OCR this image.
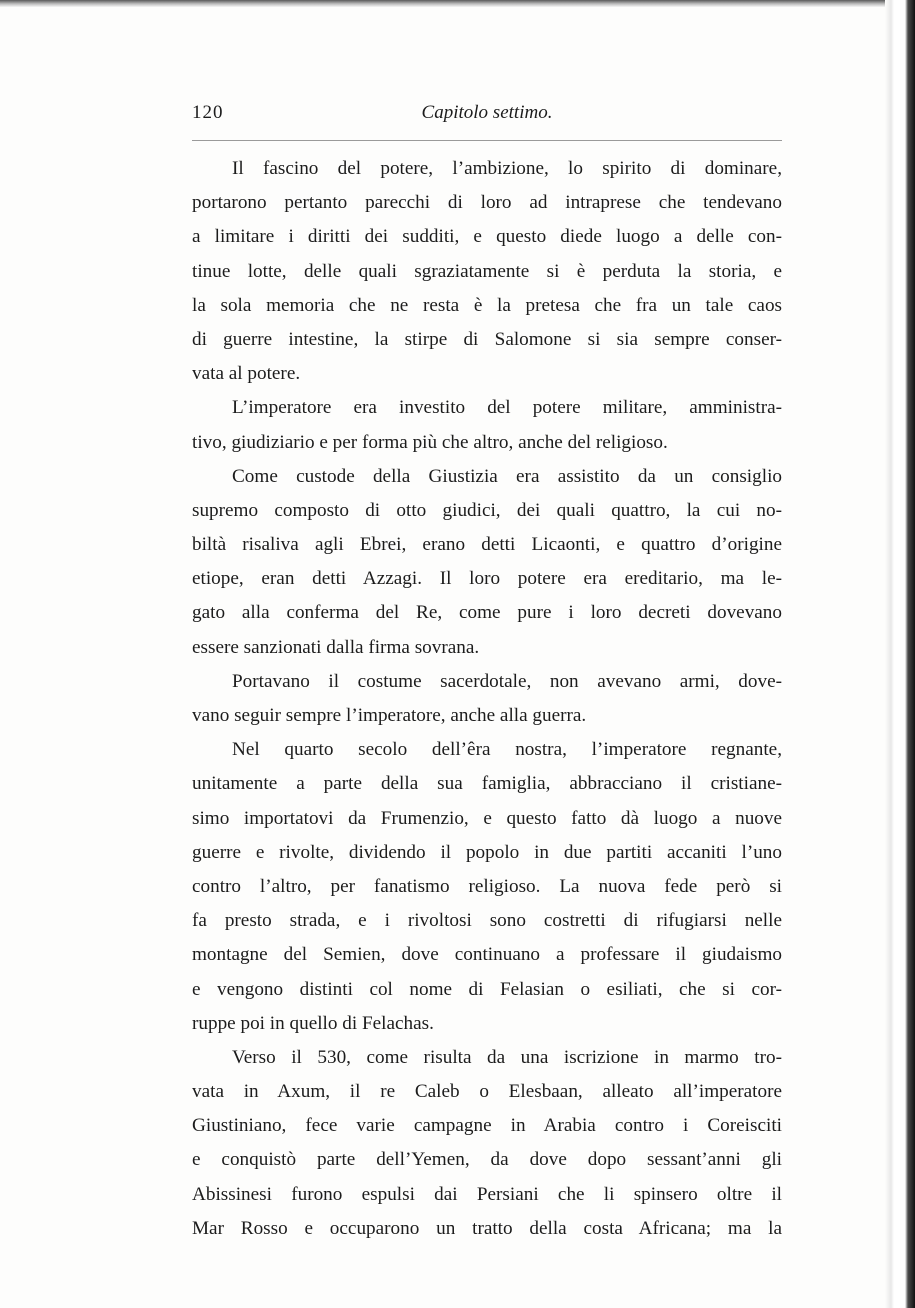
120	Capitolo settimo.

Il fascino del potere, l’ambizione, lo spirito di dominare,
portarono pertanto parecchi di loro ad intraprese che tendevano
a limitare i diritti dei sudditi, e questo diede luogo a delle con-
tinue lotte, delle quali sgraziatamente si è perduta la storia, e
la sola memoria che ne resta è la pretesa che fra un tale caos
di guerre intestine, la stirpe di Salomone si sia sempre conser-
vata al potere.

L’imperatore era investito del potere militare, amministra-
tivo, giudiziario e per forma più che altro, anche del religioso.

Come custode della Giustizia era assistito da un consiglio
supremo composto di otto giudici, dei quali quattro, la cui no-
biltà risaliva agli Ebrei, erano detti Licaonti, e quattro d’origine
etiope, eran detti Azzagi. Il loro potere era ereditario, ma le-
gato alla conferma del Re, come pure i loro decreti dovevano
essere sanzionati dalla firma sovrana.

Portavano il costume sacerdotale, non avevano armi, dove-
vano seguir sempre l’imperatore, anche alla guerra.

Nel quarto secolo dell’êra nostra, l’imperatore regnante,
unitamente a parte della sua famiglia, abbracciano il cristiane-
simo importatovi da Frumenzio, e questo fatto dà luogo a nuove
guerre e rivolte, dividendo il popolo in due partiti accaniti l’uno
contro l’altro, per fanatismo religioso. La nuova fede però si
fa presto strada, e i rivoltosi sono costretti di rifugiarsi nelle
montagne del Semien, dove continuano a professare il giudaismo
e vengono distinti col nome di Felasian o esiliati, che si cor-
ruppe poi in quello di Felachas.

Verso il 530, come risulta da una iscrizione in marmo tro-
vata in Axum, il re Caleb o Elesbaan, alleato all’imperatore
Giustiniano, fece varie campagne in Arabia contro i Coreisciti
e conquistò parte dell’Yemen, da dove dopo sessant’anni gli
Abissinesi furono espulsi dai Persiani che li spinsero oltre il
Mar Rosso e occuparono un tratto della costa Africana; ma la
